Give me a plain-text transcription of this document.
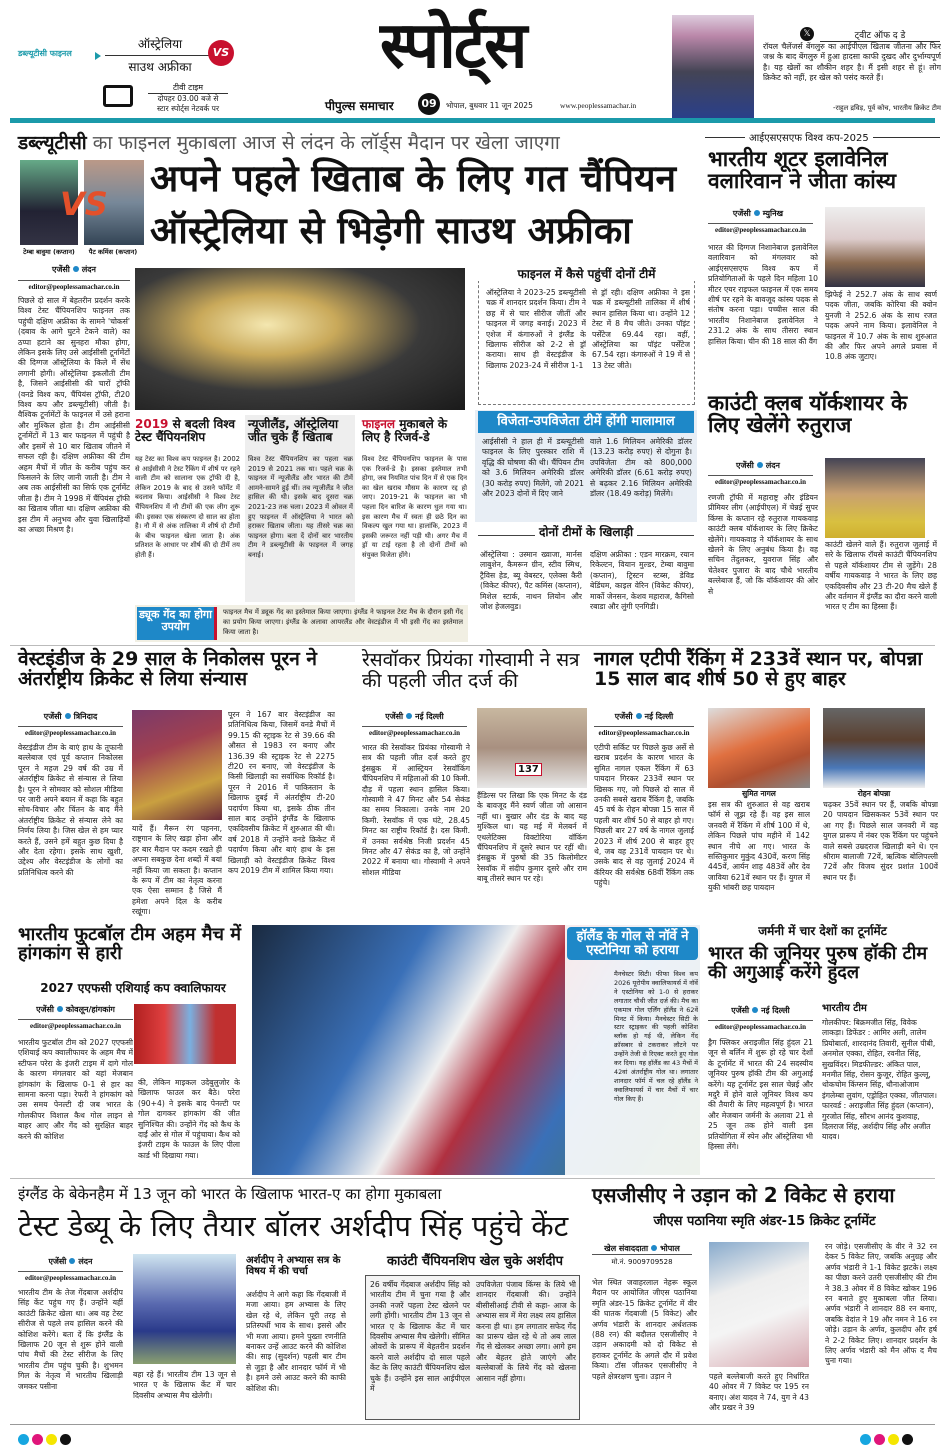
डब्ल्यूटीसी फाइनल
ऑस्ट्रेलिया
साउथ अफ्रीका
VS
टीवी टाइम
दोपहर 03.00 बजे से
स्टार स्पोर्ट्स नेटवर्क पर
स्पोर्ट्स
पीपुल्स समाचार	09	भोपाल, बुधवार 11 जून 2025	www.peoplessamachar.in
𝕏	ट्वीट ऑफ द डे
रॉयल चैलेंजर्स बेंगलुरु का आईपीएल खिताब जीतना और फिर जश्न के बाद बेंगलुरु में हुआ हादसा काफी दुखद और दुर्भाग्यपूर्ण है। यह खेलों का शौकीन शहर है। मैं इसी शहर से हूं। लोग क्रिकेट को नहीं, हर खेल को पसंद करते हैं।
-राहुल द्रविड़, पूर्व कोच, भारतीय क्रिकेट टीम
डब्ल्यूटीसी का फाइनल मुकाबला आज से लंदन के लॉर्ड्स मैदान पर खेला जाएगा
VS
टेम्बा बावुमा (कप्तान)	पैट कमिंस (कप्तान)
अपने पहले खिताब के लिए गत चैंपियन
ऑस्ट्रेलिया से भिड़ेगी साउथ अफ्रीका
एजेंसी लंदन
editor@peoplessamachar.co.in
पिछले दो साल में बेहतरीन प्रदर्शन करके विश्व टेस्ट चैंपियनशिप फाइनल तक पहुंची दक्षिण अफ्रीका के सामने 'चोकर्स' (दबाव के आगे घुटने टेकने वाले) का ठप्पा हटाने का सुनहरा मौका होगा, लेकिन इसके लिए उसे आईसीसी टूर्नामेंटों की दिग्गज ऑस्ट्रेलिया के किले में सेंध लगानी होगी। ऑस्ट्रेलिया इकलौती टीम है, जिसने आईसीसी की चारों ट्रॉफी (वनडे विश्व कप, चैंपियंस ट्रॉफी, टी20 विश्व कप और डब्ल्यूटीसी) जीती है। वैश्विक टूर्नामेंटों के फाइनल में उसे हराना और मुश्किल होता है। टीम आईसीसी टूर्नामेंटों में 13 बार फाइनल में पहुंची है और इसमें से 10 बार खिताब जीतने में सफल रही है। दक्षिण अफ्रीका की टीम अहम मैचों में जीत के करीब पहुंच कर फिसलने के लिए जानी जाती है। टीम ने अब तक आईसीसी का सिर्फ एक टूर्नामेंट जीता है। टीम ने 1998 में चैंपियंस ट्रॉफी का खिताब जीता था। दक्षिण अफ्रीका की इस टीम में अनुभव और युवा खिलाड़ियों का अच्छा मिश्रण है।
फाइनल में कैसे पहुंचीं दोनों टीमें
ऑस्ट्रेलिया ने 2023-25 डब्ल्यूटीसी चक्र में शानदार प्रदर्शन किया। टीम ने छह में से चार सीरीज जीतीं और फाइनल में जगह बनाई। 2023 में एशेज में कंगारुओं ने इंग्लैंड के खिलाफ सीरीज को 2-2 से ड्रॉ कराया। साथ ही वेस्टइंडीज के खिलाफ 2023-24 में सीरीज 1-1
से ड्रॉ रही। दक्षिण अफ्रीका ने इस चक्र में डब्ल्यूटीसी तालिका में शीर्ष स्थान हासिल किया था। उन्होंने 12 टेस्ट में 8 मैच जीते। उनका पॉइंट पर्सेंटेज 69.44 रहा। वहीं, ऑस्ट्रेलिया का पॉइंट पर्सेंटेज 67.54 रहा। कंगारुओं ने 19 में से 13 टेस्ट जीते।
विजेता-उपविजेता टीमें होंगी मालामाल
आईसीसी ने हाल ही में डब्ल्यूटीसी फाइनल के लिए पुरस्कार राशि में वृद्धि की घोषणा की थी। चैंपियन टीम को 3.6 मिलियन अमेरिकी डॉलर (30 करोड़ रुपए) मिलेंगे, जो 2021 और 2023 दोनों में दिए जाने
वाले 1.6 मिलियन अमेरिकी डॉलर (13.23 करोड़ रुपए) से दोगुना है। उपविजेता टीम को 800,000 अमेरिकी डॉलर (6.61 करोड़ रुपए) से बढ़कर 2.16 मिलियन अमेरिकी डॉलर (18.49 करोड़) मिलेंगे।
दोनों टीमों के खिलाड़ी
ऑस्ट्रेलिया : उस्मान ख्वाजा, मार्नस लाबुशेन, कैमरून ग्रीन, स्टीव स्मिथ, ट्रैविस हेड, ब्यू वेबस्टर, एलेक्स कैरी (विकेट कीपर), पैट कमिंस (कप्तान), मिशेल स्टार्क, नाथन लियोन और जोश हेजलवुड।
दक्षिण अफ्रीका : एडन मारक्रम, रयान रिकेल्टन, वियान मुल्डर, टेम्बा बावुमा (कप्तान), ट्रिस्टन स्टब्स, डेविड बेडिंघम, काइल वेरिन (विकेट कीपर), मार्को जेनसन, केशव महाराज, कैगिसो रबाडा और लुंगी एनगिडी।
2019 से बदली विश्व टेस्ट चैंपियनशिप
यह टेस्ट का विश्व कप फाइनल है। 2002 से आईसीसी ने टेस्ट रैंकिंग में शीर्ष पर रहने वाली टीम को सालाना एक ट्रॉफी दी है, लेकिन 2019 के बाद से उसने फॉर्मेट में बदलाव किया। आईसीसी ने विश्व टेस्ट चैंपियनशिप में नौ टीमों की एक लीग शुरू की। इसका एक संस्करण दो साल का होता है। नौ में से अंक तालिका में शीर्ष दो टीमों के बीच फाइनल खेला जाता है। अंक प्रतिशत के आधार पर शीर्ष की दो टीमें तय होती हैं।
न्यूजीलैंड, ऑस्ट्रेलिया जीत चुके हैं खिताब
विश्व टेस्ट चैंपियनशिप का पहला चक्र 2019 से 2021 तक था। पहले चक्र के फाइनल में न्यूजीलैंड और भारत की टीमें आमने-सामने हुई थीं। तब न्यूजीलैंड ने जीत हासिल की थी। इसके बाद दूसरा चक्र 2021-23 तक चला। 2023 में ओवल में हुए फाइनल में ऑस्ट्रेलिया ने भारत को हराकर खिताब जीता। यह तीसरे चक्र का फाइनल होगा। बता दें दोनों बार भारतीय टीम ने डब्ल्यूटीसी के फाइनल में जगह बनाई।
फाइनल मुकाबले के लिए है रिजर्व-डे
विश्व टेस्ट चैंपियनशिप फाइनल के पास एक रिजर्व-डे है। इसका इस्तेमाल तभी होगा, जब नियमित पांच दिन में से एक दिन का खेल खराब मौसम के कारण रद्द हो जाए। 2019-21 के फाइनल का भी पहला दिन बारिश के कारण धुल गया था। इस कारण मैच में स्वतः ही छठे दिन का विकल्प खुल गया था। हालांकि, 2023 में इसकी जरूरत नहीं पड़ी थी। अगर मैच में ड्रॉ या टाई रहता है तो दोनों टीमों को संयुक्त विजेता होंगे।
ड्यूक गेंद का होगा उपयोग
फाइनल मैच में ड्यूक गेंद का इस्तेमाल किया जाएगा। इंग्लैंड ने फाइनल टेस्ट मैच के दौरान इसी गेंद का प्रयोग किया जाएगा। इंग्लैंड के अलावा आयरलैंड और वेस्टइंडीज में भी इसी गेंद का इस्तेमाल किया जाता है।
आईएसएसएफ विश्व कप-2025
भारतीय शूटर इलावेनिल वलारिवान ने जीता कांस्य
एजेंसी म्युनिख
editor@peoplessamachar.co.in
भारत की दिग्गज निशानेबाज इलावेनिल वलारिवान को मंगलवार को आईएसएसएफ विश्व कप में प्रतियोगिताओं के पहले दिन महिला 10 मीटर एयर राइफल फाइनल में एक समय शीर्ष पर रहने के बावजूद कांस्य पदक से संतोष करना पड़ा। पच्चीस साल की भारतीय निशानेबाज इलावेनिल ने 231.2 अंक के साथ तीसरा स्थान हासिल किया। चीन की 18 साल की वैंग
झिफेई ने 252.7 अंक के साथ स्वर्ण पदक जीता, जबकि कोरिया की क्वोन युनजी ने 252.6 अंक के साथ रजत पदक अपने नाम किया। इलावेनिल ने फाइनल में 10.7 अंक के साथ शुरुआत की और फिर अपने अगले प्रयास में 10.8 अंक जुटाए।
काउंटी क्लब यॉर्कशायर के लिए खेलेंगे रुतुराज
एजेंसी लंदन
editor@peoplessamachar.co.in
रणजी ट्रॉफी में महाराष्ट्र और इंडियन प्रीमियर लीग (आईपीएल) में चेन्नई सुपर किंग्स के कप्तान रहे रुतुराज गायकवाड़ काउंटी क्लब यॉर्कशायर के लिए क्रिकेट खेलेंगे। गायकवाड़ ने यॉर्कशायर के साथ खेलने के लिए अनुबंध किया है। वह सचिन तेंदुलकर, युवराज सिंह और चेतेश्वर पुजारा के बाद चौथे भारतीय बल्लेबाज हैं, जो कि यॉर्कशायर की ओर से
काउंटी खेलने वाले हैं। रुतुराज जुलाई में सरे के खिलाफ रॉयसे काउंटी चैंपियनशिप से पहले यॉर्कशायर टीम से जुड़ेंगे। 28 वर्षीय गायकवाड़ ने भारत के लिए छह एकदिवसीय और 23 टी-20 मैच खेले हैं और वर्तमान में इंग्लैंड का दौरा करने वाली भारत ए टीम का हिस्सा हैं।
वेस्टइंडीज के 29 साल के निकोलस पूरन ने अंतर्राष्ट्रीय क्रिकेट से लिया संन्यास
एजेंसी त्रिनिदाद
editor@peoplessamachar.co.in
वेस्टइंडीज टीम के बाएं हाथ के तूफानी बल्लेबाज एवं पूर्व कप्तान निकोलस पूरन ने महज 29 वर्ष की उम्र में अंतर्राष्ट्रीय क्रिकेट से संन्यास ले लिया है। पूरन ने सोमवार को सोशल मीडिया पर जारी अपने बयान में कहा कि बहुत सोच-विचार और चिंतन के बाद मैंने अंतर्राष्ट्रीय क्रिकेट से संन्यास लेने का निर्णय लिया है। जिस खेल से हम प्यार करते हैं, उसने हमें बहुत कुछ दिया है और देता रहेगा। इसके साथ खुशी, उद्देश्य और वेस्टइंडीज के लोगों का प्रतिनिधित्व करने की
यादें हैं। मैरून रंग पहनना, राष्ट्रगान के लिए खड़ा होना और हर बार मैदान पर कदम रखते ही अपना सबकुछ देना शब्दों में बयां नहीं किया जा सकता है। कप्तान के रूप में टीम का नेतृत्व करना एक ऐसा सम्मान है जिसे मैं हमेशा अपने दिल के करीब रखूंगा।
पूरन ने 167 बार वेस्टइंडीज का प्रतिनिधित्व किया, जिसमें वनडे मैचों में 99.15 की स्ट्राइक रेट से 39.66 की औसत से 1983 रन बनाए और 136.39 की स्ट्राइक रेट से 2275 टी20 रन बनाए, जो वेस्टइंडीज के किसी खिलाड़ी का सर्वाधिक रिकॉर्ड है। पूरन ने 2016 में पाकिस्तान के खिलाफ दुबई में अंतर्राष्ट्रीय टी-20 पदार्पण किया था, इसके ठीक तीन साल बाद उन्होंने इंग्लैंड के खिलाफ एकदिवसीय क्रिकेट में शुरुआत की थी। वर्ष 2018 में उन्होंने वनडे क्रिकेट में पदार्पण किया और बाएं हाथ के इस खिलाड़ी को वेस्टइंडीज क्रिकेट विश्व कप 2019 टीम में शामिल किया गया।
रेसवॉकर प्रियंका गोस्वामी ने सत्र की पहली जीत दर्ज की
एजेंसी नई दिल्ली
editor@peoplessamachar.co.in
भारत की रेसवॉकर प्रियंका गोस्वामी ने सत्र की पहली जीत दर्ज करते हुए इंसब्रुक में आस्ट्रियन रेसवॉकिंग चैंपियनशिप में महिलाओं की 10 किमी. दौड़ में पहला स्थान हासिल किया। गोस्वामी ने 47 मिनट और 54 सेकंड का समय निकाला। उनके नाम 20 किमी. रेसवॉक में एक घंटे, 28.45 मिनट का राष्ट्रीय रिकॉर्ड है। दस किमी. में उनका सर्वश्रेष्ठ निजी प्रदर्शन 45 मिनट और 47 सेकंड का है, जो उन्होंने 2022 में बनाया था। गोस्वामी ने अपने सोशल मीडिया
137
हैंडिल्स पर लिखा कि एक मिनट के दंड के बावजूद मैंने स्वर्ण जीता जो आसान नहीं था। बुखार और दंड के बाद यह मुश्किल था। यह मई में मेलबर्न में एथलेटिक्स विक्टोरिया वॉकिंग चैंपियनशिप में दूसरे स्थान पर रहीं थी। इंसब्रुक में पुरुषों की 35 किलोमीटर रेसवॉक में संदीप कुमार दूसरे और राम बाबू तीसरे स्थान पर रहे।
नागल एटीपी रैंकिंग में 233वें स्थान पर, बोपन्ना 15 साल बाद शीर्ष 50 से हुए बाहर
एजेंसी नई दिल्ली
editor@peoplessamachar.co.in
एटीपी सर्किट पर पिछले कुछ अर्से से खराब प्रदर्शन के कारण भारत के सुमित नागल एकल रैंकिंग में 63 पायदान गिरकर 233वें स्थान पर खिसक गए, जो पिछले दो साल में उनकी सबसे खराब रैंकिंग है, जबकि 45 वर्ष के रोहन बोपन्ना 15 साल में पहली बार शीर्ष 50 से बाहर हो गए। पिछली बार 27 वर्ष के नागल जुलाई 2023 में शीर्ष 200 से बाहर हुए थे, जब वह 231वें पायदान पर थे। उसके बाद से वह जुलाई 2024 में कॅरियर की सर्वश्रेष्ठ 68वीं रैंकिंग तक पहुंचे।
सुमित नागल
इस सत्र की शुरुआत से वह खराब फॉर्म से जूझ रहे हैं। वह इस साल जनवरी में रैंकिंग में शीर्ष 100 में थे, लेकिन पिछले पांच महीने में 142 स्थान नीचे आ गए। भारत के सस्तिकुमार मुकुंद 430वें, करण सिंह 445वें, आर्यन शाह 483वें और देव जाविया 621वें स्थान पर हैं। युगल में युकी भांबरी छह पायदान
रोहन बोपन्ना
चढ़कर 35वें स्थान पर हैं, जबकि बोपन्ना 20 पायदान खिसककर 53वें स्थान पर आ गए हैं। पिछले साल जनवरी में वह युगल प्रारूप में नंबर एक रैंकिंग पर पहुंचने वाले सबसे उम्रदराज खिलाड़ी बने थे। एन श्रीराम बालाजी 72वें, ऋत्विक बोलिपल्ली 72वें और विजय सुंदर प्रशांत 100वें स्थान पर हैं।
भारतीय फुटबॉल टीम अहम मैच में हांगकांग से हारी
2027 एएफसी एशियाई कप क्वालिफायर
एजेंसी कोवलून/हांगकांग
editor@peoplessamachar.co.in
भारतीय फुटबॉल टीम को 2027 एएफसी एशियाई कप क्वालीफायर के अहम मैच में स्टीफन परेरा के इंजरी टाइम में दागे गोल के कारण मंगलवार को यहां मेजबान हांगकांग के खिलाफ 0-1 से हार का सामना करना पड़ा। रेफरी ने हांगकांग को उस समय पेनल्टी दी जब भारत के गोलकीपर विशाल कैथ गोल लाइन से बाहर आए और गेंद को सुरक्षित बाहर करने की कोशिश
की, लेकिन माइकल उदेबुलुजोर के खिलाफ फाउल कर बैठे। परेरा (90+4) ने इसके बाद पेनल्टी पर गोल दागकर हांगकांग की जीत सुनिश्चित की। उन्होंने गेंद को कैथ के दाईं ओर से गोल में पहुंचाया। कैथ को इंजरी टाइम के फाउल के लिए पीला कार्ड भी दिखाया गया।
हॉलैंड के गोल से नॉर्वे ने एस्टोनिया को हराया
मैनचेस्टर सिटी। फीफा विश्व कप 2026 यूरोपीय क्वालिफायर्स में नॉर्वे ने एस्टोनिया को 1-0 से हराकर लगातार चौथी जीत दर्ज की। मैच का एकमात्र गोल एर्लिंग हॉलैंड ने 62वें मिनट में किया। मैनचेस्टर सिटी के स्टार स्ट्राइकर की पहली कोशिश ब्लॉक हो गई थी, लेकिन गेंद क्रॉसबार से टकराकर लौटने पर उन्होंने तेजी से रिएक्ट करते हुए गोल कर दिया। यह हॉलैंड का 43 मैचों में 42वां अंतर्राष्ट्रीय गोल था। लगातार शानदार फॉर्म में चल रहे हॉलैंड ने क्वालिफायर्स में चार मैचों में चार गोल किए हैं।
जर्मनी में चार देशों का टूर्नामेंट
भारत की जूनियर पुरुष हॉकी टीम की अगुआई करेंगे हुंदल
एजेंसी नई दिल्ली
editor@peoplessamachar.co.in
ड्रैग फ्लिकर अराइजीत सिंह हुंदल 21 जून से बर्लिन में शुरू हो रहे चार देशों के टूर्नामेंट में भारत की 24 सदस्यीय जूनियर पुरुष हॉकी टीम की अगुआई करेंगे। यह टूर्नामेंट इस साल चेन्नई और मदुरै में होने वाले जूनियर विश्व कप की तैयारी के लिए महत्वपूर्ण है। भारत और मेजबान जर्मनी के अलावा 21 से 25 जून तक होने वाली इस प्रतियोगिता में स्पेन और ऑस्ट्रेलिया भी हिस्सा लेंगे।
भारतीय टीम
गोलकीपर: बिक्रमजीत सिंह, विवेक लाकड़ा। डिफेंडर : आमिर अली, तालेम प्रियोबार्ता, शारदानंद तिवारी, सुनील पीबी, अनमोल एक्का, रोहित, रवनीत सिंह, सुखविंदर। मिडफील्डर: अंकित पाल, मनमीत सिंह, रोसन कुजूर, रोहित कुल्लू, थोकचोम किंग्सन सिंह, थौनाओजाम इंगलेम्बा लुवांग, एड्रोहित एक्का, जीतपाल। फारवर्ड : अराइजीत सिंह हुंदल (कप्तान), गुरजोत सिंह, सौरभ आनंद कुशवाह, दिलराज सिंह, अर्शदीप सिंह और अजीत यादव।
इंग्लैंड के बेकेनहैम में 13 जून को भारत के खिलाफ भारत-ए का होगा मुकाबला
टेस्ट डेब्यू के लिए तैयार बॉलर अर्शदीप सिंह पहुंचे केंट
एजेंसी लंदन
editor@peoplessamachar.co.in
भारतीय टीम के तेज गेंदबाज अर्शदीप सिंह केंट पहुंच गए हैं। उन्होंने यहीं काउंटी क्रिकेट खेला था। अब वह टेस्ट सीरीज से पहले लय हासिल करने की कोशिश करेंगे। बता दें कि इंग्लैंड के खिलाफ 20 जून से शुरू होने वाली पांच मैचों की टेस्ट सीरीज के लिए भारतीय टीम पहुंच चुकी है। शुभमन गिल के नेतृत्व में भारतीय खिलाड़ी जमकर पसीना
बहा रहे हैं। भारतीय टीम 13 जून से भारत ए के खिलाफ केंट में चार दिवसीय अभ्यास मैच खेलेगी।
अर्शदीप ने अभ्यास सत्र के विषय में की चर्चा
अर्शदीप ने आगे कहा कि गेंदबाजी में मजा आया। हम अभ्यास के लिए खेल रहे थे, लेकिन पूरी तरह से प्रतिस्पर्धी भाव के साथ। इससे और भी मजा आया। हमने पुख्ता रणनीति बनाकर उन्हें आउट करने की कोशिश की। साइ (सुदर्शन) पहली बार टीम से जुड़ा है और शानदार फॉर्म में भी है। हमने उसे आउट करने की काफी कोशिश की।
काउंटी चैंपियनशिप खेल चुके अर्शदीप
26 वर्षीय गेंदबाज अर्शदीप सिंह को भारतीय टीम में चुना गया है और उनकी नजरें पहला टेस्ट खेलने पर लगी होंगी। भारतीय टीम 13 जून से भारत ए के खिलाफ केंट में चार दिवसीय अभ्यास मैच खेलेगी। सीमित ओवरों के प्रारूप में बेहतरीन प्रदर्शन करने वाले अर्शदीप दो साल पहले केंट के लिए काउंटी चैंपियनशिप खेल चुके हैं। उन्होंने इस साल आईपीएल में
उपविजेता पंजाब किंग्स के लिये भी शानदार गेंदबाजी की। उन्होंने बीसीसीआई टीवी से कहा- आज के अभ्यास सत्र में मेरा लक्ष्य लय हासिल करना ही था। हम लगातार सफेद गेंद का प्रारूप खेल रहे थे तो अब लाल गेंद से खेलकर अच्छा लगा। आगे हम और बेहतर होते जाएंगे और बल्लेबाजों के लिये गेंद को खेलना आसान नहीं होगा।
एसजीसीए ने उड़ान को 2 विकेट से हराया
जीएस पठानिया स्मृति अंडर-15 क्रिकेट टूर्नामेंट
खेल संवाददाता भोपाल
मो.नं. 9009709528
भेल स्थित जवाहरलाल नेहरू स्कूल मैदान पर आयोजित जीएस पठानिया स्मृति अंडर-15 क्रिकेट टूर्नामेंट में वीर की घातक गेंदबाजी (5 विकेट) और अर्णव भंडारी के शानदार अर्धशतक (88 रन) की बदौलत एसजीसीए ने उड़ान अकादमी को दो विकेट से हराकर टूर्नामेंट के अगले दौर में प्रवेश किया। टॉस जीतकर एसजीसीए ने पहले क्षेत्ररक्षण चुना। उड़ान ने	पहले बल्लेबाजी करते हुए निर्धारित 40 ओवर में 7 विकेट पर 195 रन बनाए। अंश यादव ने 74, युग ने 43 और प्रखर ने 39
रन जोड़े। एसजीसीए के वीर ने 32 रन देकर 5 विकेट लिए, जबकि अनुग्रह और अर्णव भंडारी ने 1-1 विकेट झटके। लक्ष्य का पीछा करने उतरी एसजीसीए की टीम ने 38.3 ओवर में 8 विकेट खोकर 196 रन बनाते हुए मुकाबला जीत लिया। अर्णव भंडारी ने शानदार 88 रन बनाए, जबकि वेदांत ने 19 और नमन ने 16 रन जोड़े। उड़ान के अर्णव, कुलदीप और हर्ष ने 2-2 विकेट लिए। शानदार प्रदर्शन के लिए अर्णव भंडारी को मैन ऑफ द मैच चुना गया।
